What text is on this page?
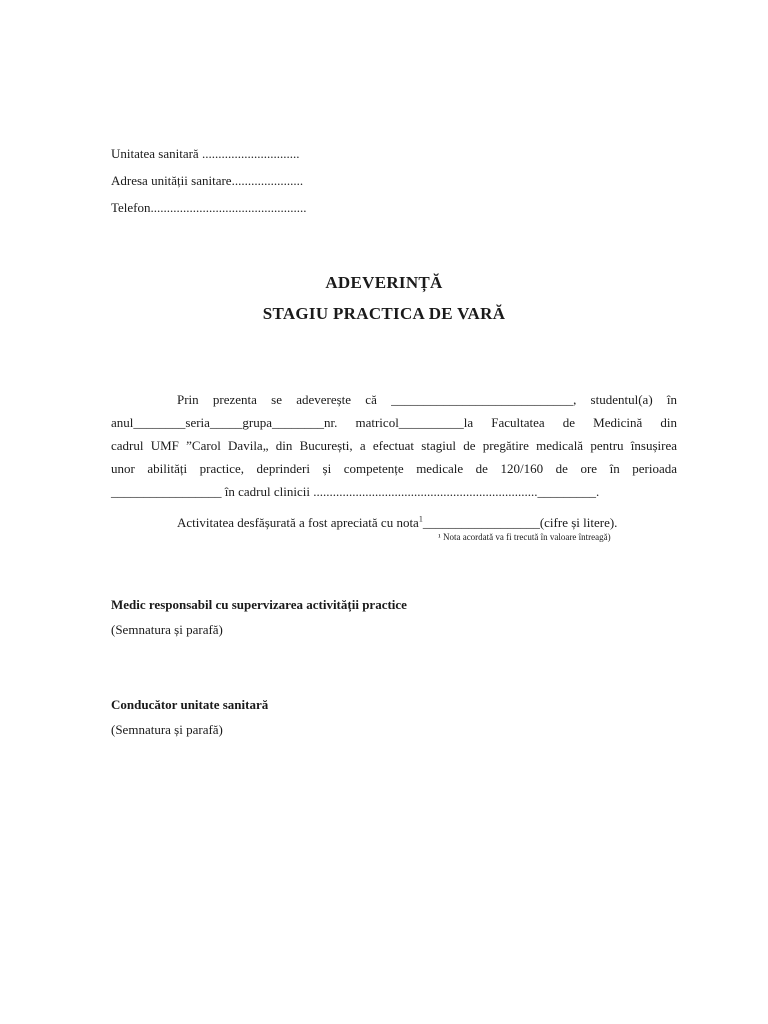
Unitatea sanitară ..............................
Adresa unității sanitare......................
Telefon................................................
ADEVERINȚĂ
STAGIU PRACTICA DE VARĂ
Prin prezenta se adeverește că ____________________________, studentul(a) în
anul________seria_____grupa________nr. matricol__________la Facultatea de Medicină din
cadrul UMF ”Carol Davila„ din București, a efectuat stagiul de pregătire medicală pentru însușirea
unor abilități practice, deprinderi și competențe medicale de 120/160 de ore în perioada
_________________ în cadrul clinicii ....................................................................._________.
Activitatea desfășurată a fost apreciată cu nota$^1$__________________(cifre și litere).
¹ Nota acordată va fi trecută în valoare întreagă)
Medic responsabil cu supervizarea activității practice
(Semnatura și parafă)
Conducător unitate sanitară
(Semnatura și parafă)
